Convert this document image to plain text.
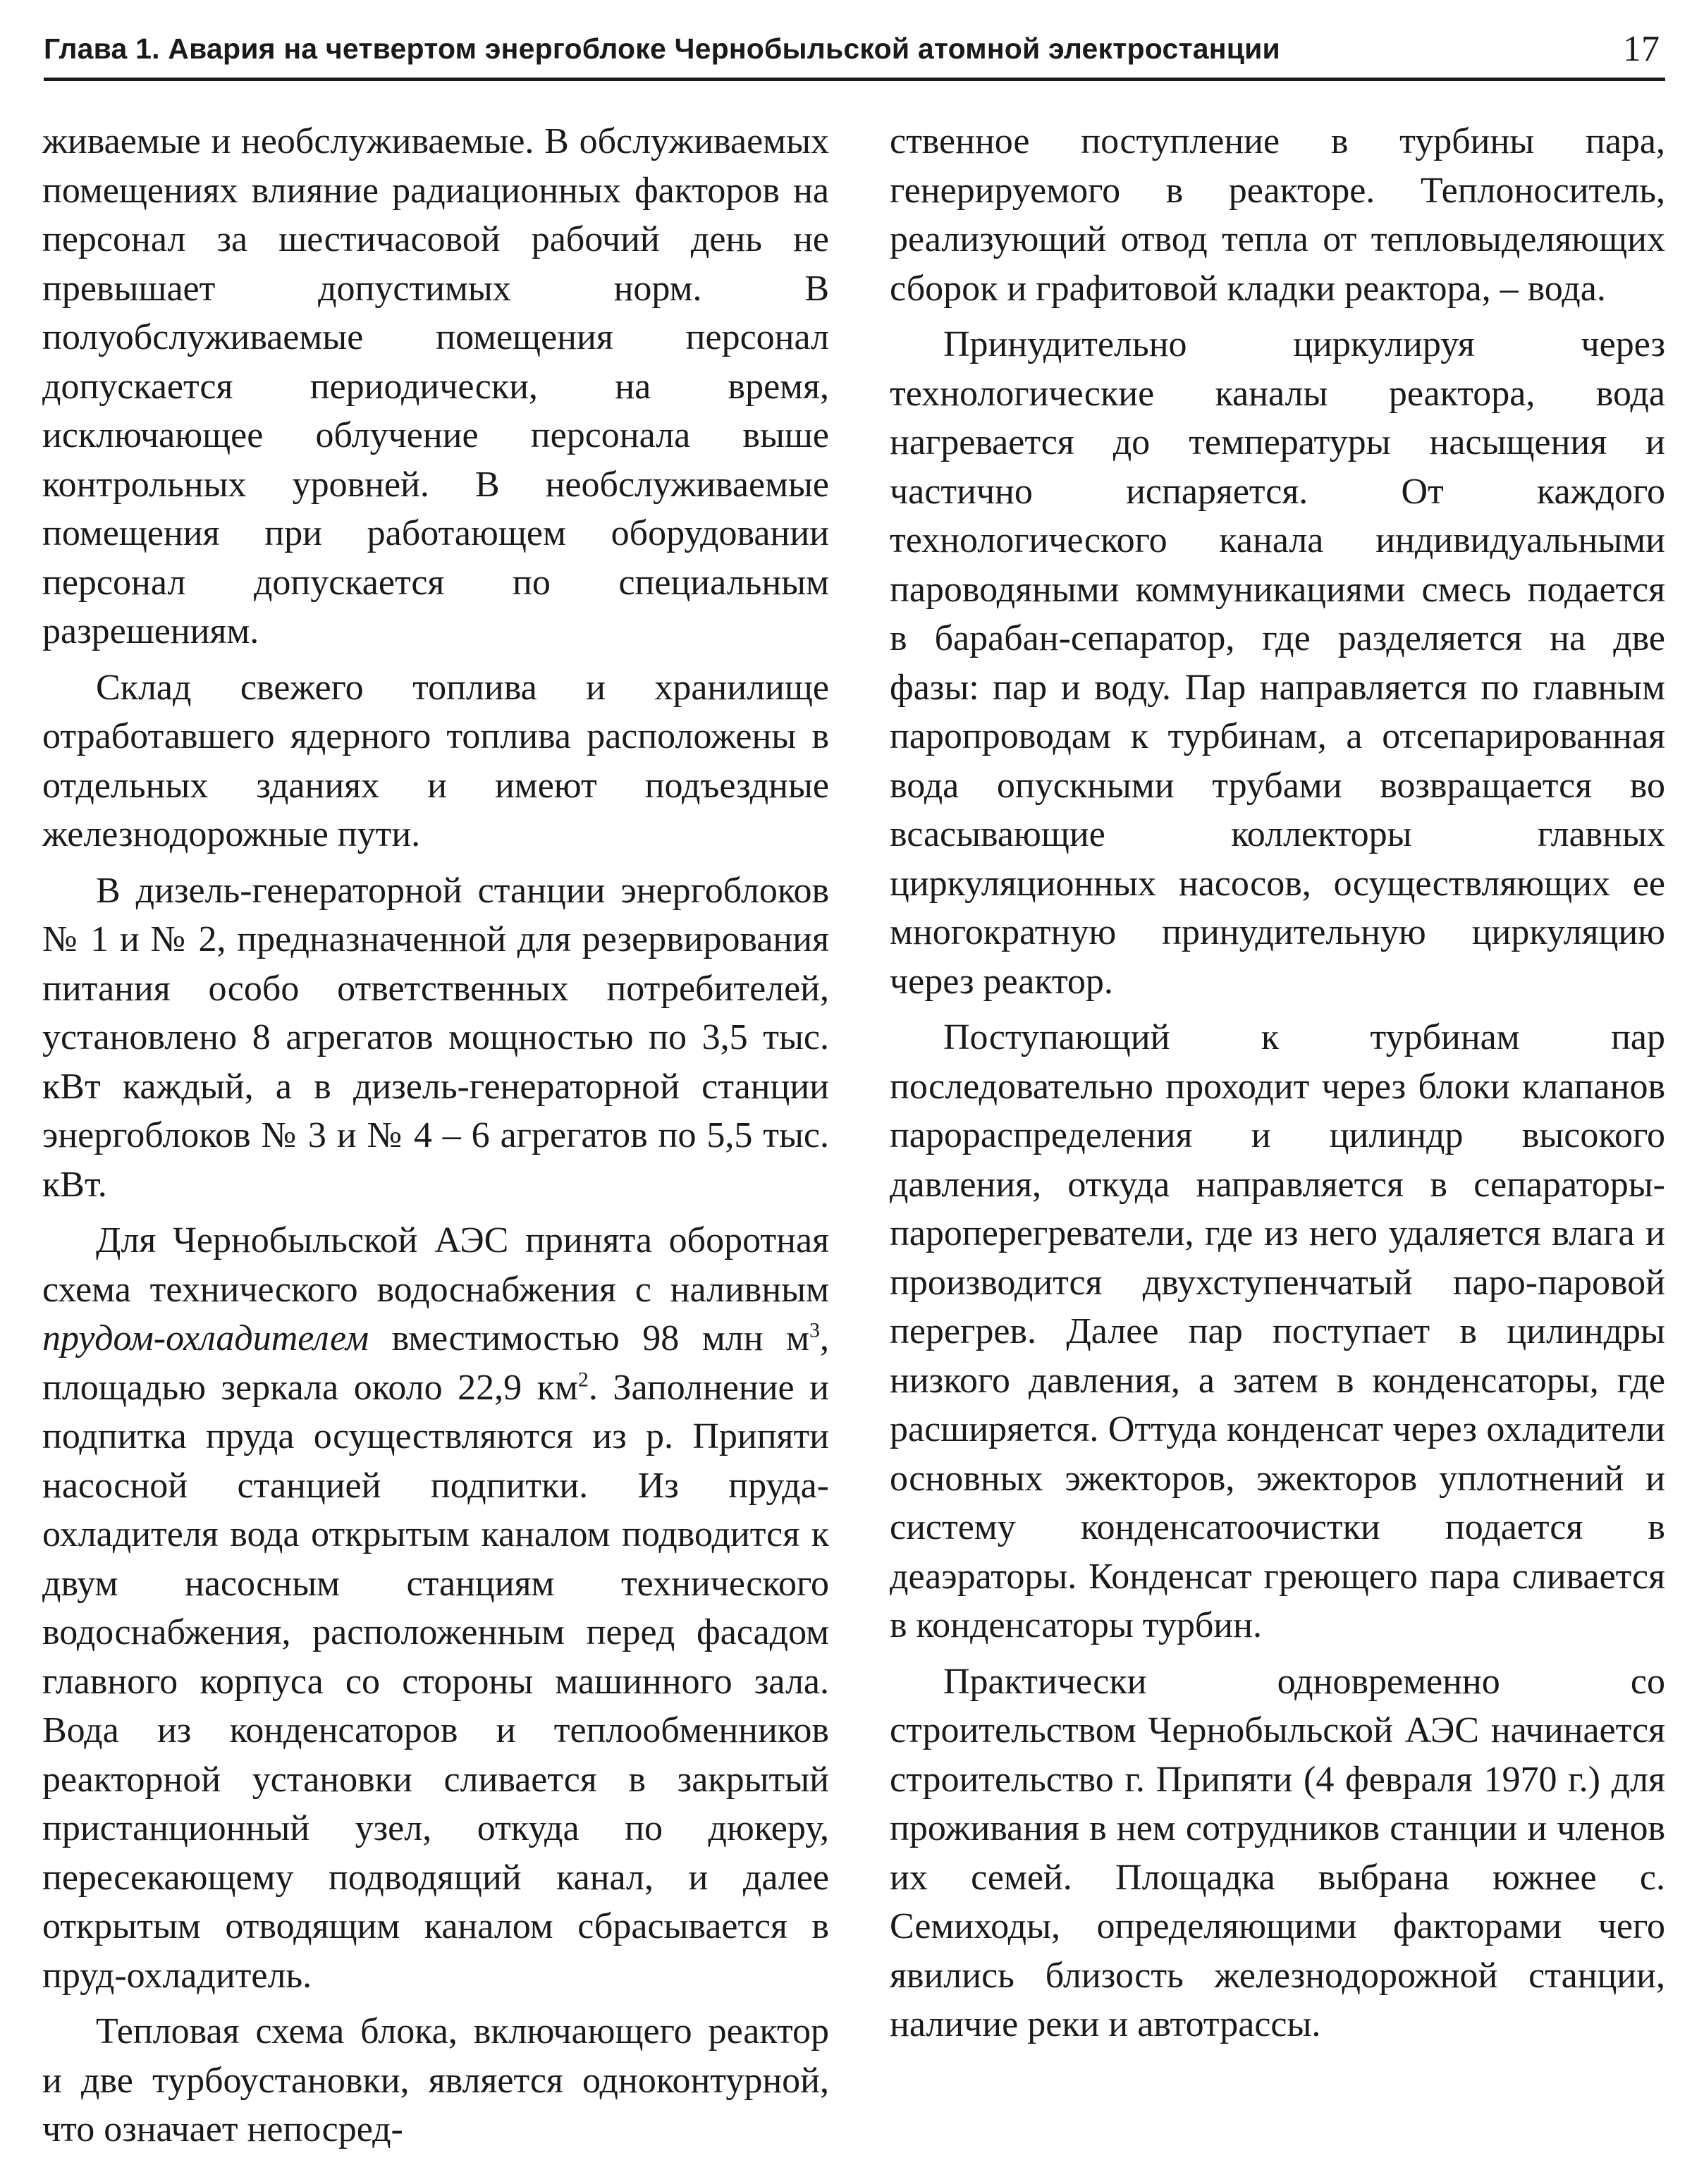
Глава 1. Авария на четвертом энергоблоке Чернобыльской атомной электростанции	17

живаемые и необслуживаемые. В обслуживаемых помещениях влияние радиационных факторов на персонал за шестичасовой рабочий день не превышает допустимых норм. В полуобслуживаемые помещения персонал допускается периодически, на время, исключающее облучение персонала выше контрольных уровней. В необслуживаемые помещения при работающем оборудовании персонал допускается по специальным разрешениям.

Склад свежего топлива и хранилище отработавшего ядерного топлива расположены в отдельных зданиях и имеют подъездные железнодорожные пути.

В дизель-генераторной станции энергоблоков № 1 и № 2, предназначенной для резервирования питания особо ответственных потребителей, установлено 8 агрегатов мощностью по 3,5 тыс. кВт каждый, а в дизель-генераторной станции энергоблоков № 3 и № 4 – 6 агрегатов по 5,5 тыс. кВт.

Для Чернобыльской АЭС принята оборотная схема технического водоснабжения с наливным прудом-охладителем вместимостью 98 млн $м^3$, площадью зеркала около 22,9 $км^2$. Заполнение и подпитка пруда осуществляются из р. Припяти насосной станцией подпитки. Из пруда-охладителя вода открытым каналом подводится к двум насосным станциям технического водоснабжения, расположенным перед фасадом главного корпуса со стороны машинного зала. Вода из конденсаторов и теплообменников реакторной установки сливается в закрытый пристанционный узел, откуда по дюкеру, пересекающему подводящий канал, и далее открытым отводящим каналом сбрасывается в пруд-охладитель.

Тепловая схема блока, включающего реактор и две турбоустановки, является одноконтурной, что означает непосред-

ственное поступление в турбины пара, генерируемого в реакторе. Теплоноситель, реализующий отвод тепла от тепловыделяющих сборок и графитовой кладки реактора, – вода.

Принудительно циркулируя через технологические каналы реактора, вода нагревается до температуры насыщения и частично испаряется. От каждого технологического канала индивидуальными пароводяными коммуникациями смесь подается в барабан-сепаратор, где разделяется на две фазы: пар и воду. Пар направляется по главным паропроводам к турбинам, а отсепарированная вода опускными трубами возвращается во всасывающие коллекторы главных циркуляционных насосов, осуществляющих ее многократную принудительную циркуляцию через реактор.

Поступающий к турбинам пар последовательно проходит через блоки клапанов парораспределения и цилиндр высокого давления, откуда направляется в сепараторы-пароперегреватели, где из него удаляется влага и производится двухступенчатый паро-паровой перегрев. Далее пар поступает в цилиндры низкого давления, а затем в конденсаторы, где расширяется. Оттуда конденсат через охладители основных эжекторов, эжекторов уплотнений и систему конденсатоочистки подается в деаэраторы. Конденсат греющего пара сливается в конденсаторы турбин.

Практически одновременно со строительством Чернобыльской АЭС начинается строительство г. Припяти (4 февраля 1970 г.) для проживания в нем сотрудников станции и членов их семей. Площадка выбрана южнее с. Семиходы, определяющими факторами чего явились близость железнодорожной станции, наличие реки и автотрассы.
